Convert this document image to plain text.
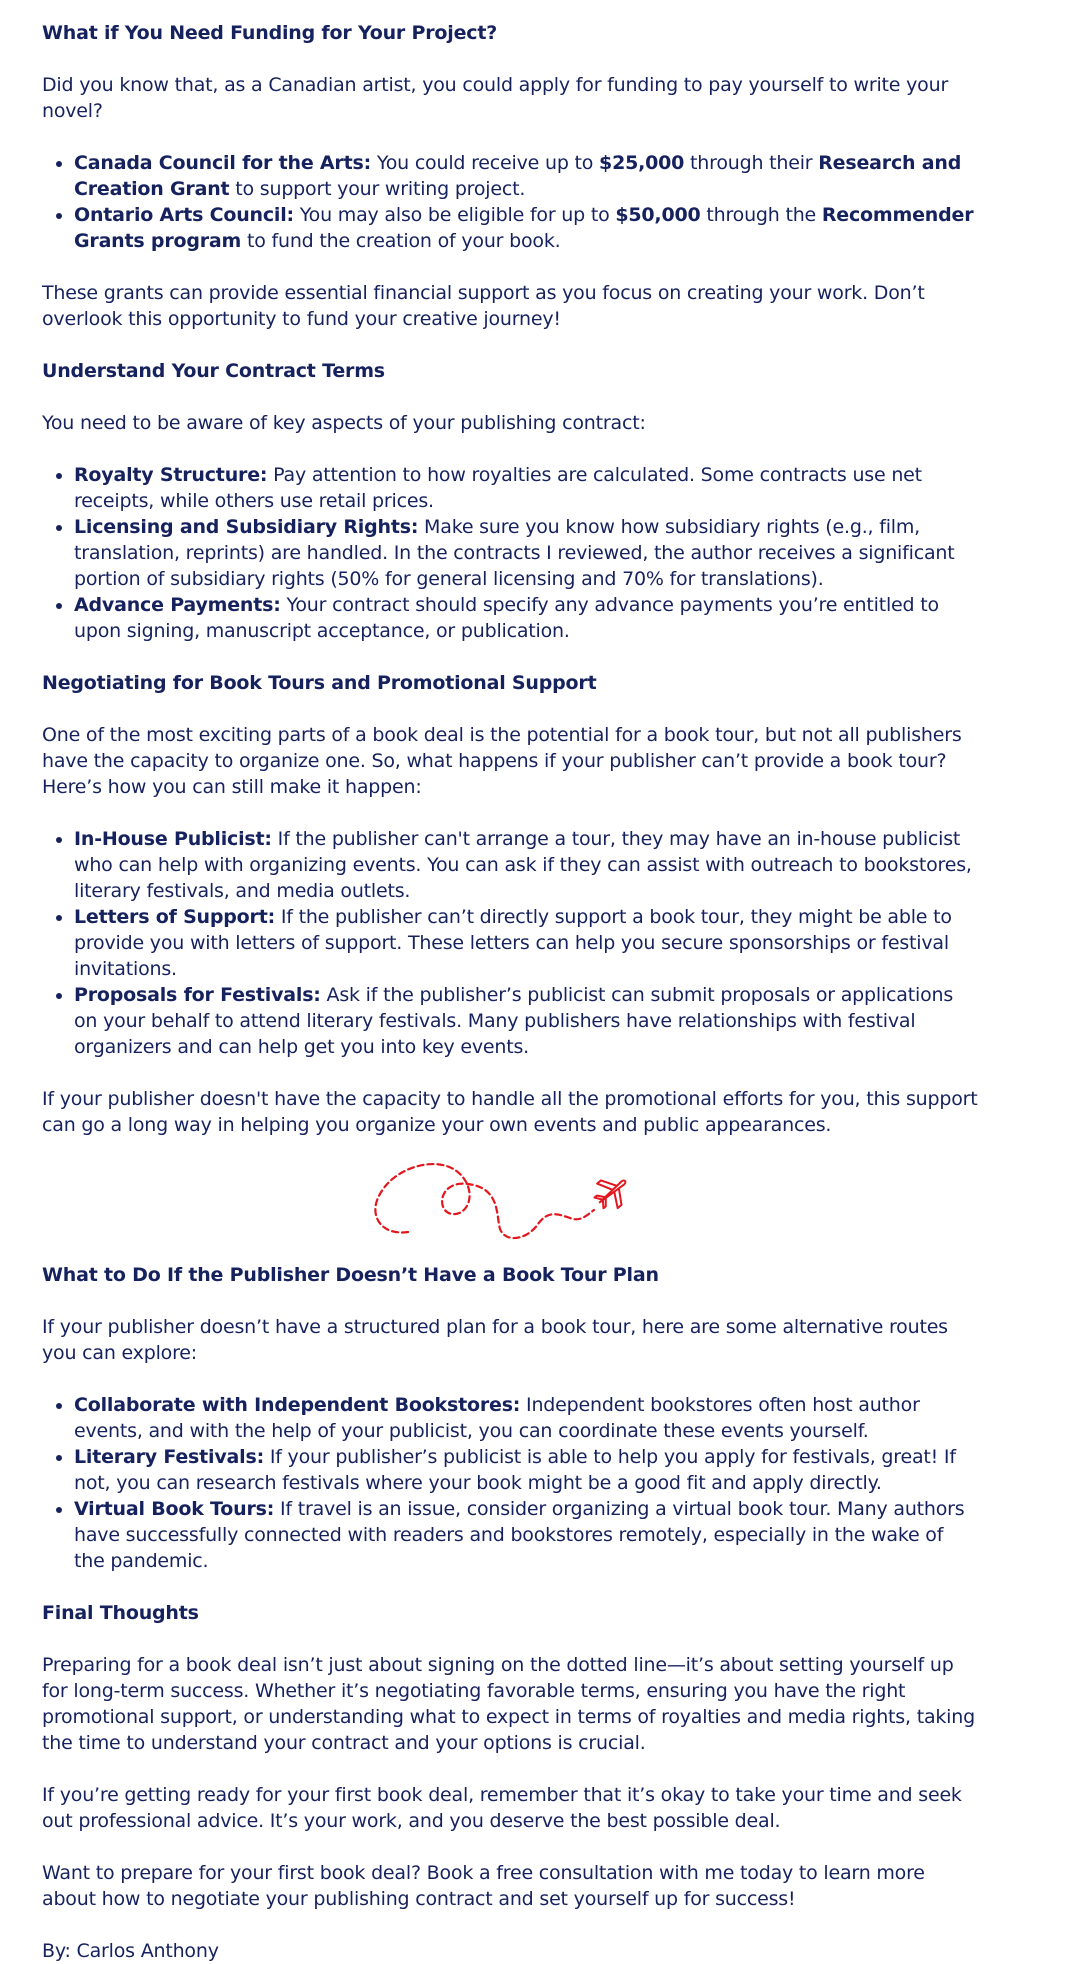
What if You Need Funding for Your Project?

Did you know that, as a Canadian artist, you could apply for funding to pay yourself to write your novel?

• Canada Council for the Arts: You could receive up to $25,000 through their Research and Creation Grant to support your writing project.
• Ontario Arts Council: You may also be eligible for up to $50,000 through the Recommender Grants program to fund the creation of your book.

These grants can provide essential financial support as you focus on creating your work. Don’t overlook this opportunity to fund your creative journey!

Understand Your Contract Terms

You need to be aware of key aspects of your publishing contract:

• Royalty Structure: Pay attention to how royalties are calculated. Some contracts use net receipts, while others use retail prices.
• Licensing and Subsidiary Rights: Make sure you know how subsidiary rights (e.g., film, translation, reprints) are handled. In the contracts I reviewed, the author receives a significant portion of subsidiary rights (50% for general licensing and 70% for translations).
• Advance Payments: Your contract should specify any advance payments you’re entitled to upon signing, manuscript acceptance, or publication.
Negotiating for Book Tours and Promotional Support

One of the most exciting parts of a book deal is the potential for a book tour, but not all publishers have the capacity to organize one. So, what happens if your publisher can’t provide a book tour? Here’s how you can still make it happen:

• In-House Publicist: If the publisher can't arrange a tour, they may have an in-house publicist who can help with organizing events. You can ask if they can assist with outreach to bookstores, literary festivals, and media outlets.
• Letters of Support: If the publisher can’t directly support a book tour, they might be able to provide you with letters of support. These letters can help you secure sponsorships or festival invitations.
• Proposals for Festivals: Ask if the publisher’s publicist can submit proposals or applications on your behalf to attend literary festivals. Many publishers have relationships with festival organizers and can help get you into key events.

If your publisher doesn't have the capacity to handle all the promotional efforts for you, this support can go a long way in helping you organize your own events and public appearances.

What to Do If the Publisher Doesn’t Have a Book Tour Plan

If your publisher doesn’t have a structured plan for a book tour, here are some alternative routes you can explore:

• Collaborate with Independent Bookstores: Independent bookstores often host author events, and with the help of your publicist, you can coordinate these events yourself.
• Literary Festivals: If your publisher’s publicist is able to help you apply for festivals, great! If not, you can research festivals where your book might be a good fit and apply directly.
• Virtual Book Tours: If travel is an issue, consider organizing a virtual book tour. Many authors have successfully connected with readers and bookstores remotely, especially in the wake of the pandemic.
Final Thoughts

Preparing for a book deal isn’t just about signing on the dotted line—it’s about setting yourself up for long-term success. Whether it’s negotiating favorable terms, ensuring you have the right promotional support, or understanding what to expect in terms of royalties and media rights, taking the time to understand your contract and your options is crucial.

If you’re getting ready for your first book deal, remember that it’s okay to take your time and seek out professional advice. It’s your work, and you deserve the best possible deal.

Want to prepare for your first book deal? Book a free consultation with me today to learn more about how to negotiate your publishing contract and set yourself up for success!

By: Carlos Anthony
